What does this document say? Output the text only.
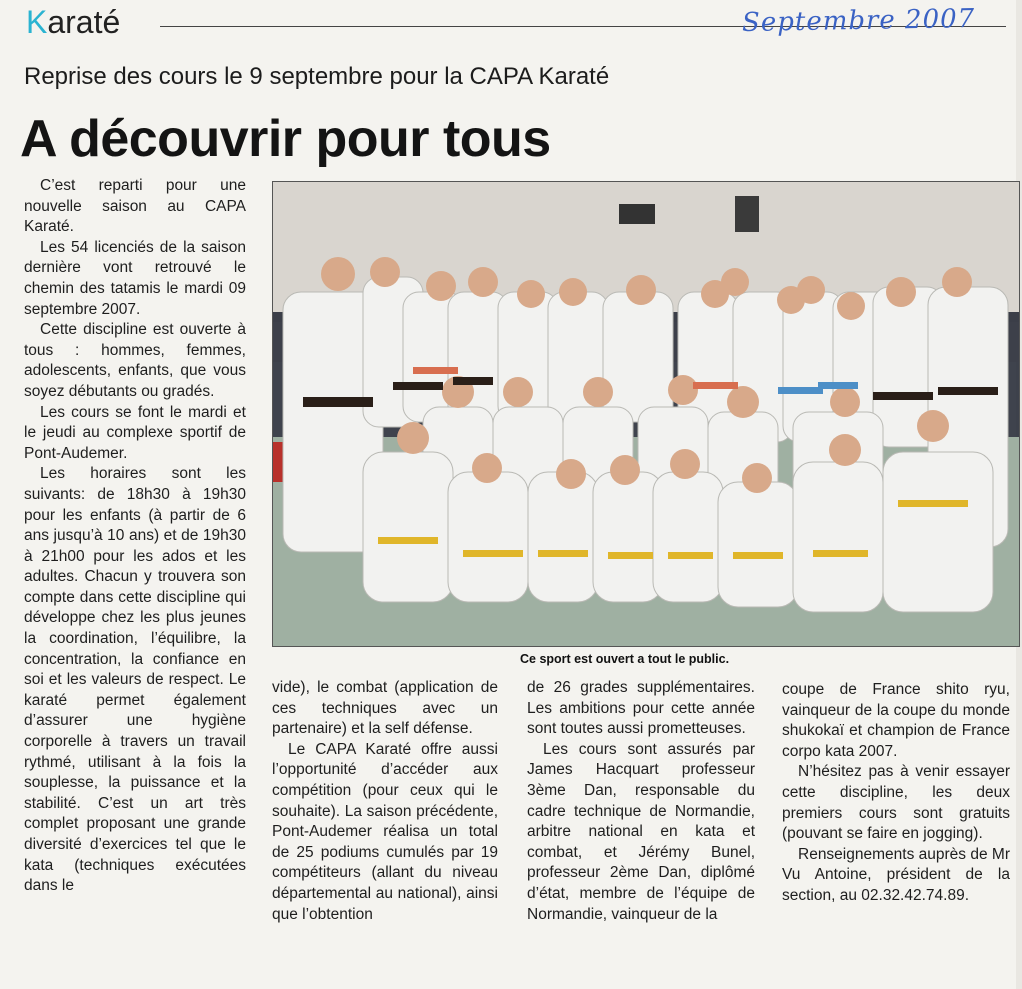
Karaté	Septembre 2007
Reprise des cours le 9 septembre pour la CAPA Karaté
A découvrir pour tous

C’est reparti pour une nouvelle saison au CAPA Karaté.

Les 54 licenciés de la saison dernière vont retrouvé le chemin des tatamis le mardi 09 septembre 2007.

Cette discipline est ouverte à tous : hommes, femmes, adolescents, enfants, que vous soyez débutants ou gradés.

Les cours se font le mardi et le jeudi au complexe sportif de Pont-Audemer.

Les horaires sont les suivants: de 18h30 à 19h30 pour les enfants (à partir de 6 ans jusqu’à 10 ans) et de 19h30 à 21h00 pour les ados et les adultes. Chacun y trouvera son compte dans cette discipline qui développe chez les plus jeunes la coordination, l’équilibre, la concentration, la confiance en soi et les valeurs de respect. Le karaté permet également d’assurer une hygiène corporelle à travers un travail rythmé, utilisant à la fois la souplesse, la puissance et la stabilité. C’est un art très complet proposant une grande diversité d’exercices tel que le kata (techniques exécutées dans le

Ce sport est ouvert a tout le public.

vide), le combat (application de ces techniques avec un partenaire) et la self défense.

Le CAPA Karaté offre aussi l’opportunité d’accéder aux compétition (pour ceux qui le souhaite). La saison précédente, Pont-Audemer réalisa un total de 25 podiums cumulés par 19 compétiteurs (allant du niveau départemental au national), ainsi que l’obtention

de 26 grades supplémentaires. Les ambitions pour cette année sont toutes aussi prometteuses.

Les cours sont assurés par James Hacquart professeur 3ème Dan, responsable du cadre technique de Normandie, arbitre national en kata et combat, et Jérémy Bunel, professeur 2ème Dan, diplômé d’état, membre de l’équipe de Normandie, vainqueur de la

coupe de France shito ryu, vainqueur de la coupe du monde shukokaï et champion de France corpo kata 2007.

N’hésitez pas à venir essayer cette discipline, les deux premiers cours sont gratuits (pouvant se faire en jogging).

Renseignements auprès de Mr Vu Antoine, président de la section, au 02.32.42.74.89.
